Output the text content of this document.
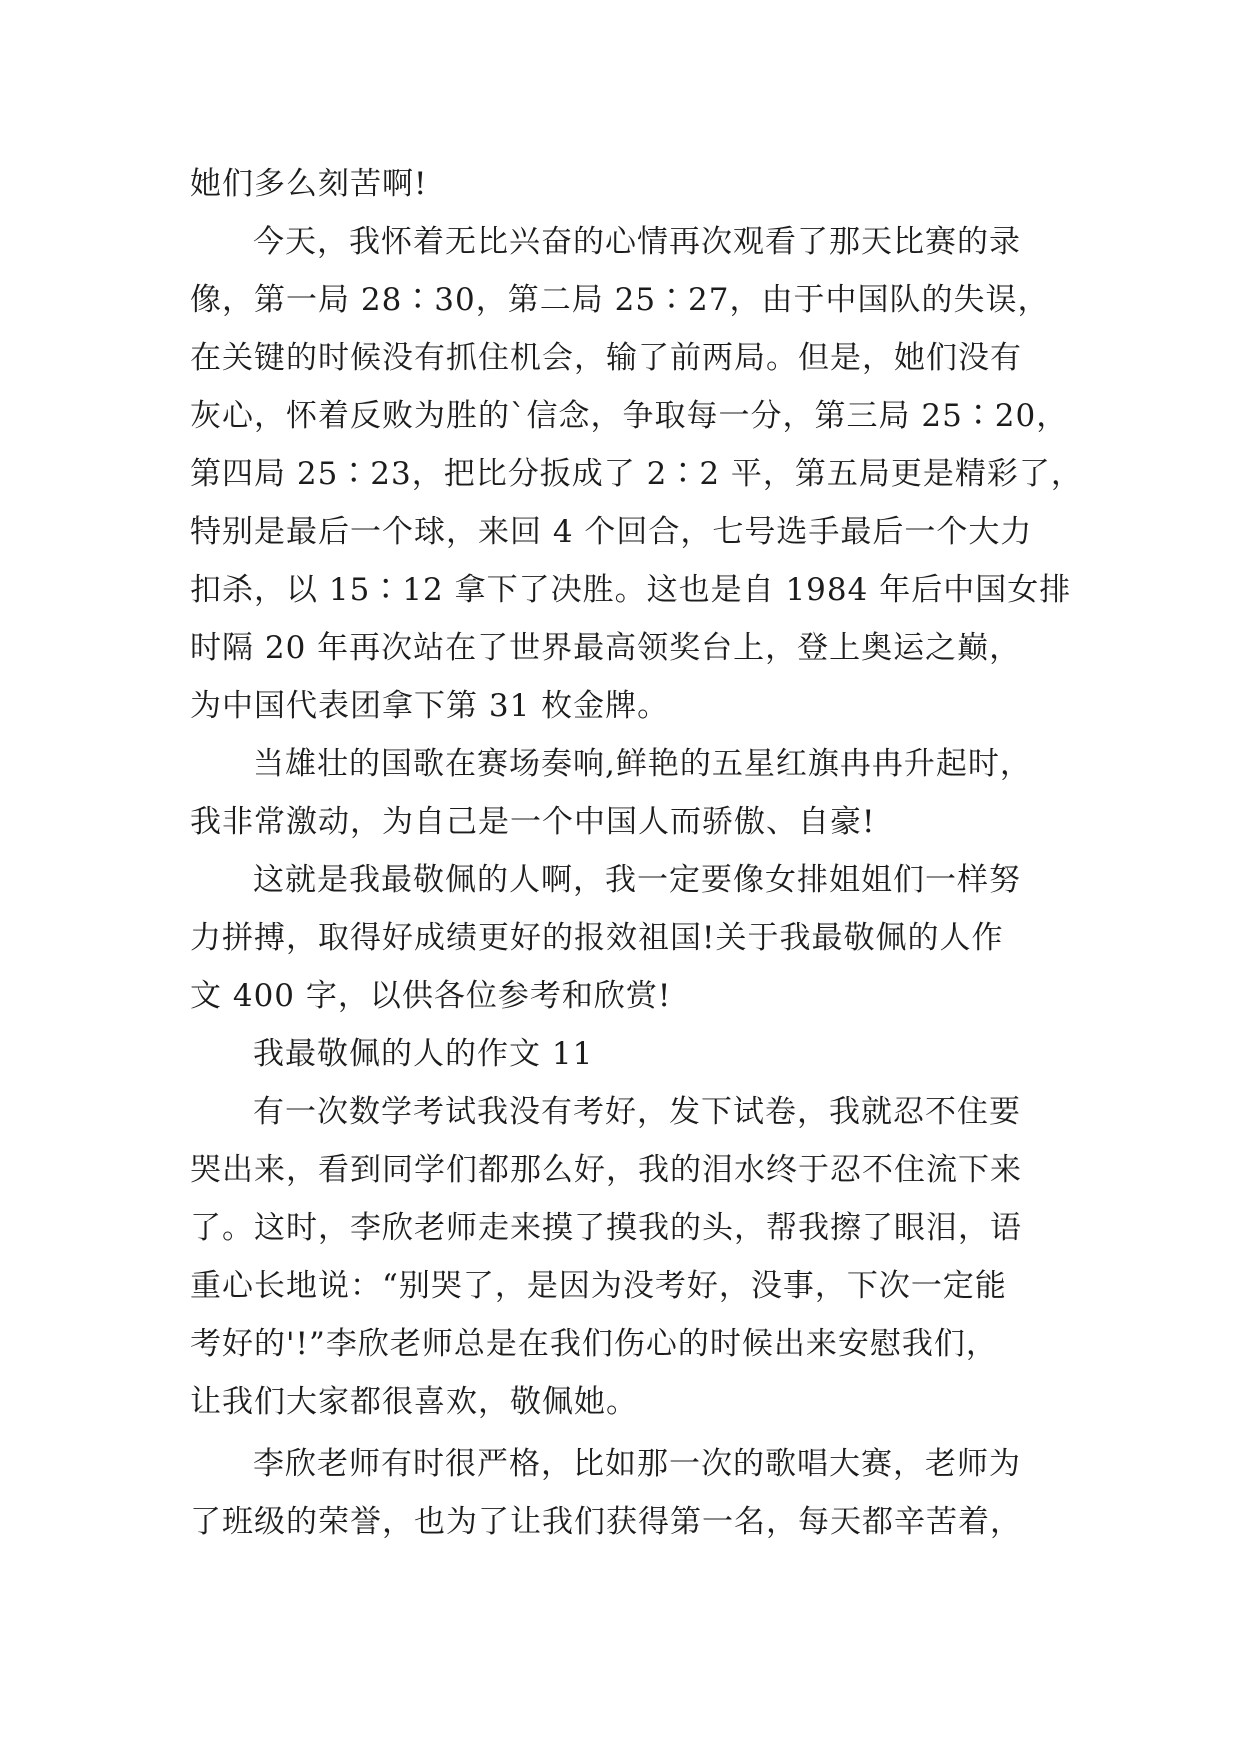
她们多么刻苦啊!
今天，我怀着无比兴奋的心情再次观看了那天比赛的录
像，第一局 28∶30，第二局 25∶27，由于中国队的失误，
在关键的时候没有抓住机会，输了前两局。但是，她们没有
灰心，怀着反败为胜的`信念，争取每一分，第三局 25∶20，
第四局 25∶23，把比分扳成了 2∶2 平，第五局更是精彩了，
特别是最后一个球，来回 4 个回合，七号选手最后一个大力
扣杀，以 15∶12 拿下了决胜。这也是自 1984 年后中国女排
时隔 20 年再次站在了世界最高领奖台上，登上奥运之巅，
为中国代表团拿下第 31 枚金牌。
当雄壮的国歌在赛场奏响,鲜艳的五星红旗冉冉升起时，
我非常激动，为自己是一个中国人而骄傲、自豪!
这就是我最敬佩的人啊，我一定要像女排姐姐们一样努
力拼搏，取得好成绩更好的报效祖国!关于我最敬佩的人作
文 400 字，以供各位参考和欣赏!
我最敬佩的人的作文 11
有一次数学考试我没有考好，发下试卷，我就忍不住要
哭出来，看到同学们都那么好，我的泪水终于忍不住流下来
了。这时，李欣老师走来摸了摸我的头，帮我擦了眼泪，语
重心长地说：“别哭了，是因为没考好，没事，下次一定能
考好的'!”李欣老师总是在我们伤心的时候出来安慰我们，
让我们大家都很喜欢，敬佩她。
李欣老师有时很严格，比如那一次的歌唱大赛，老师为
了班级的荣誉，也为了让我们获得第一名，每天都辛苦着，
